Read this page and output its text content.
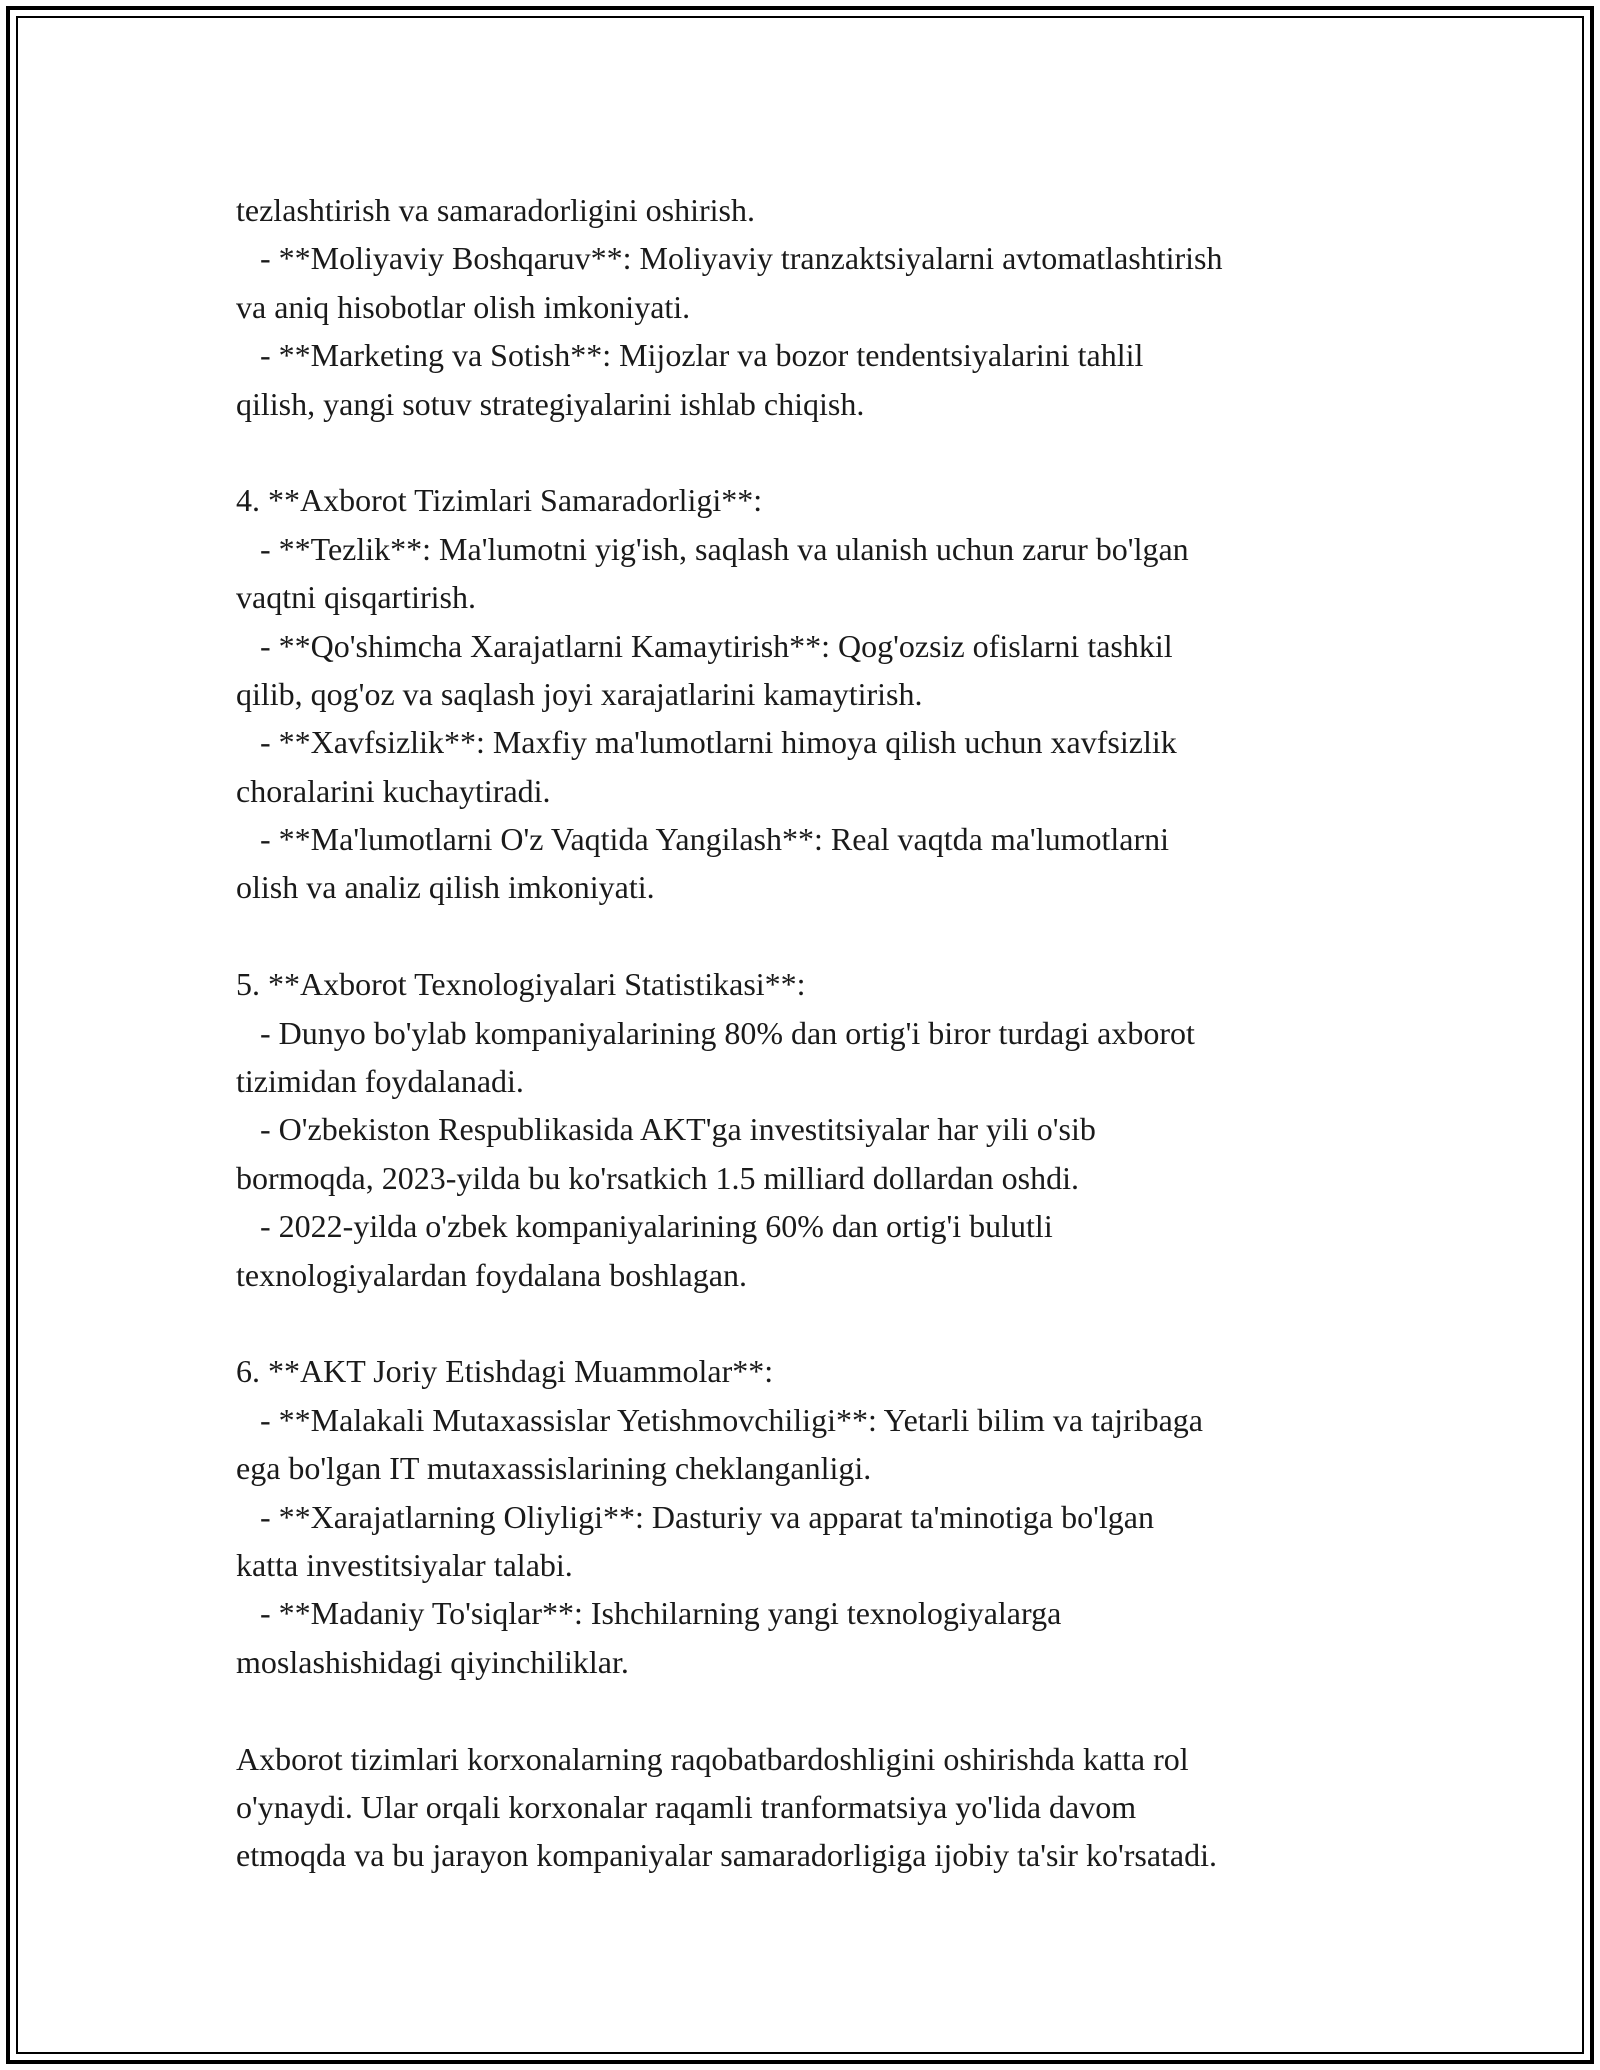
tezlashtirish va samaradorligini oshirish.

- **Moliyaviy Boshqaruv**: Moliyaviy tranzaktsiyalarni avtomatlashtirish

va aniq hisobotlar olish imkoniyati.

- **Marketing va Sotish**: Mijozlar va bozor tendentsiyalarini tahlil

qilish, yangi sotuv strategiyalarini ishlab chiqish.

4. **Axborot Tizimlari Samaradorligi**:

- **Tezlik**: Ma'lumotni yig'ish, saqlash va ulanish uchun zarur bo'lgan

vaqtni qisqartirish.

- **Qo'shimcha Xarajatlarni Kamaytirish**: Qog'ozsiz ofislarni tashkil

qilib, qog'oz va saqlash joyi xarajatlarini kamaytirish.

- **Xavfsizlik**: Maxfiy ma'lumotlarni himoya qilish uchun xavfsizlik

choralarini kuchaytiradi.

- **Ma'lumotlarni O'z Vaqtida Yangilash**: Real vaqtda ma'lumotlarni

olish va analiz qilish imkoniyati.

5. **Axborot Texnologiyalari Statistikasi**:

- Dunyo bo'ylab kompaniyalarining 80% dan ortig'i biror turdagi axborot

tizimidan foydalanadi.

- O'zbekiston Respublikasida AKT'ga investitsiyalar har yili o'sib

bormoqda, 2023-yilda bu ko'rsatkich 1.5 milliard dollardan oshdi.

- 2022-yilda o'zbek kompaniyalarining 60% dan ortig'i bulutli

texnologiyalardan foydalana boshlagan.

6. **AKT Joriy Etishdagi Muammolar**:

- **Malakali Mutaxassislar Yetishmovchiligi**: Yetarli bilim va tajribaga

ega bo'lgan IT mutaxassislarining cheklanganligi.

- **Xarajatlarning Oliyligi**: Dasturiy va apparat ta'minotiga bo'lgan

katta investitsiyalar talabi.

- **Madaniy To'siqlar**: Ishchilarning yangi texnologiyalarga

moslashishidagi qiyinchiliklar.

Axborot tizimlari korxonalarning raqobatbardoshligini oshirishda katta rol

o'ynaydi. Ular orqali korxonalar raqamli tranformatsiya yo'lida davom

etmoqda va bu jarayon kompaniyalar samaradorligiga ijobiy ta'sir ko'rsatadi.
